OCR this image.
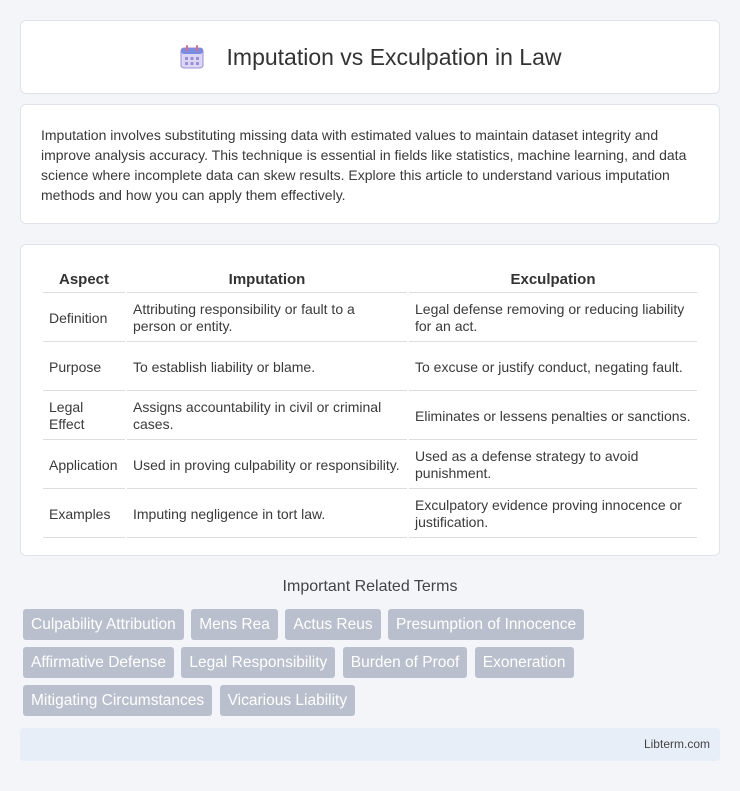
Imputation vs Exculpation in Law

Imputation involves substituting missing data with estimated values to maintain dataset integrity and improve analysis accuracy. This technique is essential in fields like statistics, machine learning, and data science where incomplete data can skew results. Explore this article to understand various imputation methods and how you can apply them effectively.

Aspect	Imputation	Exculpation
Definition	Attributing responsibility or fault to a person or entity.	Legal defense removing or reducing liability for an act.
Purpose	To establish liability or blame.	To excuse or justify conduct, negating fault.
Legal Effect	Assigns accountability in civil or criminal cases.	Eliminates or lessens penalties or sanctions.
Application	Used in proving culpability or responsibility.	Used as a defense strategy to avoid punishment.
Examples	Imputing negligence in tort law.	Exculpatory evidence proving innocence or justification.
Important Related Terms
Culpability Attribution Mens Rea Actus Reus Presumption of Innocence
Affirmative Defense Legal Responsibility Burden of Proof Exoneration
Mitigating Circumstances Vicarious Liability
Libterm.com
